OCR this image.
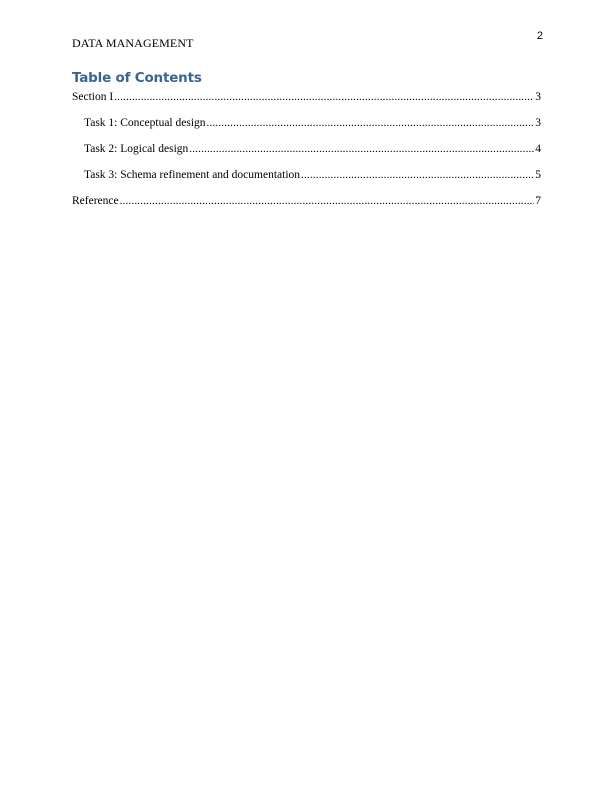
DATA MANAGEMENT	2
Table of Contents
Section I .....	3
Task 1: Conceptual design .....	3
Task 2: Logical design .....	4
Task 3: Schema refinement and documentation .....	5
Reference .....	7
